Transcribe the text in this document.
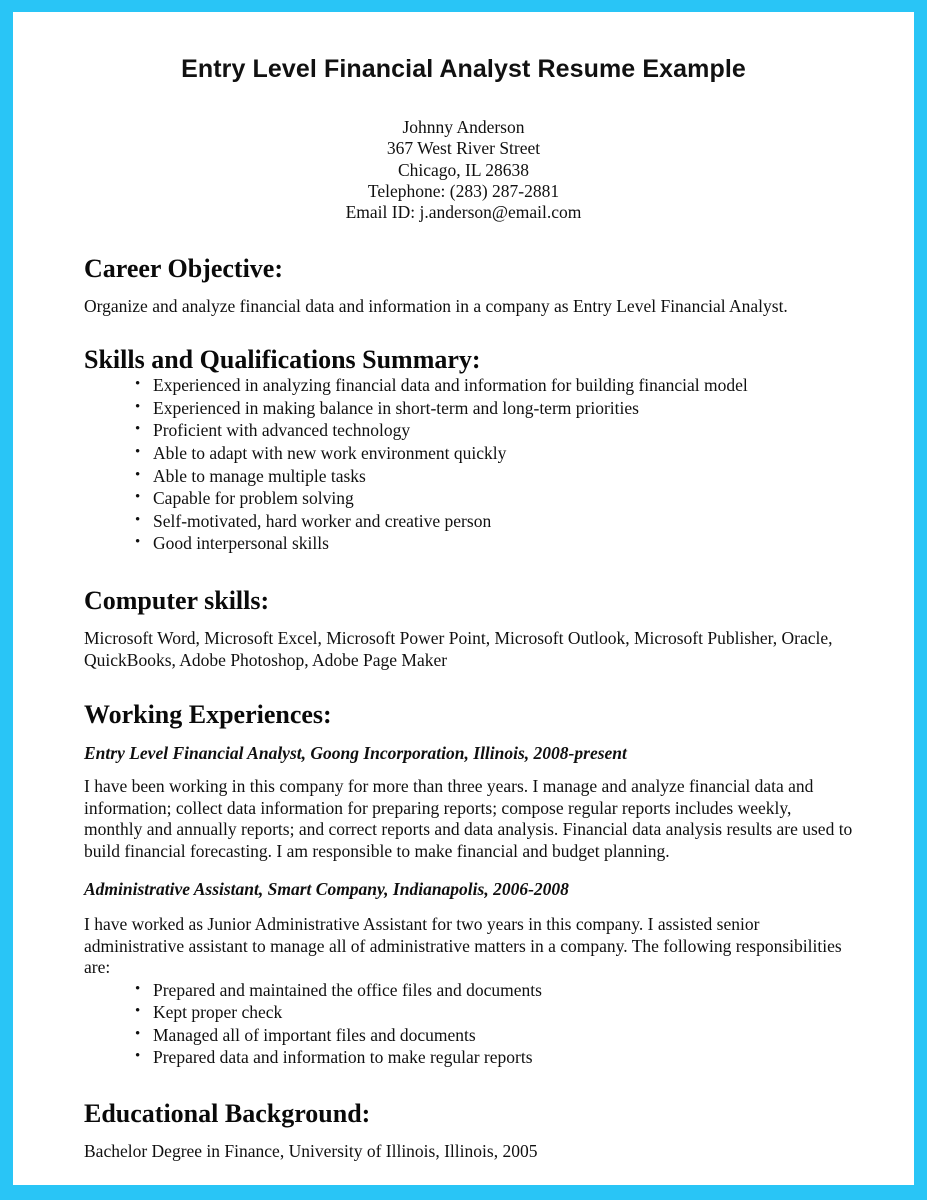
Entry Level Financial Analyst Resume Example
Johnny Anderson
367 West River Street
Chicago, IL 28638
Telephone: (283) 287-2881
Email ID: j.anderson@email.com
Career Objective:

Organize and analyze financial data and information in a company as Entry Level Financial Analyst.

Skills and Qualifications Summary:
• Experienced in analyzing financial data and information for building financial model
• Experienced in making balance in short-term and long-term priorities
• Proficient with advanced technology
• Able to adapt with new work environment quickly
• Able to manage multiple tasks
• Capable for problem solving
• Self-motivated, hard worker and creative person
• Good interpersonal skills
Computer skills:

Microsoft Word, Microsoft Excel, Microsoft Power Point, Microsoft Outlook, Microsoft Publisher, Oracle, QuickBooks, Adobe Photoshop, Adobe Page Maker

Working Experiences:

Entry Level Financial Analyst, Goong Incorporation, Illinois, 2008-present

I have been working in this company for more than three years. I manage and analyze financial data and information; collect data information for preparing reports; compose regular reports includes weekly, monthly and annually reports; and correct reports and data analysis. Financial data analysis results are used to build financial forecasting. I am responsible to make financial and budget planning.

Administrative Assistant, Smart Company, Indianapolis, 2006-2008

I have worked as Junior Administrative Assistant for two years in this company. I assisted senior administrative assistant to manage all of administrative matters in a company. The following responsibilities are:

• Prepared and maintained the office files and documents
• Kept proper check
• Managed all of important files and documents
• Prepared data and information to make regular reports
Educational Background:

Bachelor Degree in Finance, University of Illinois, Illinois, 2005
